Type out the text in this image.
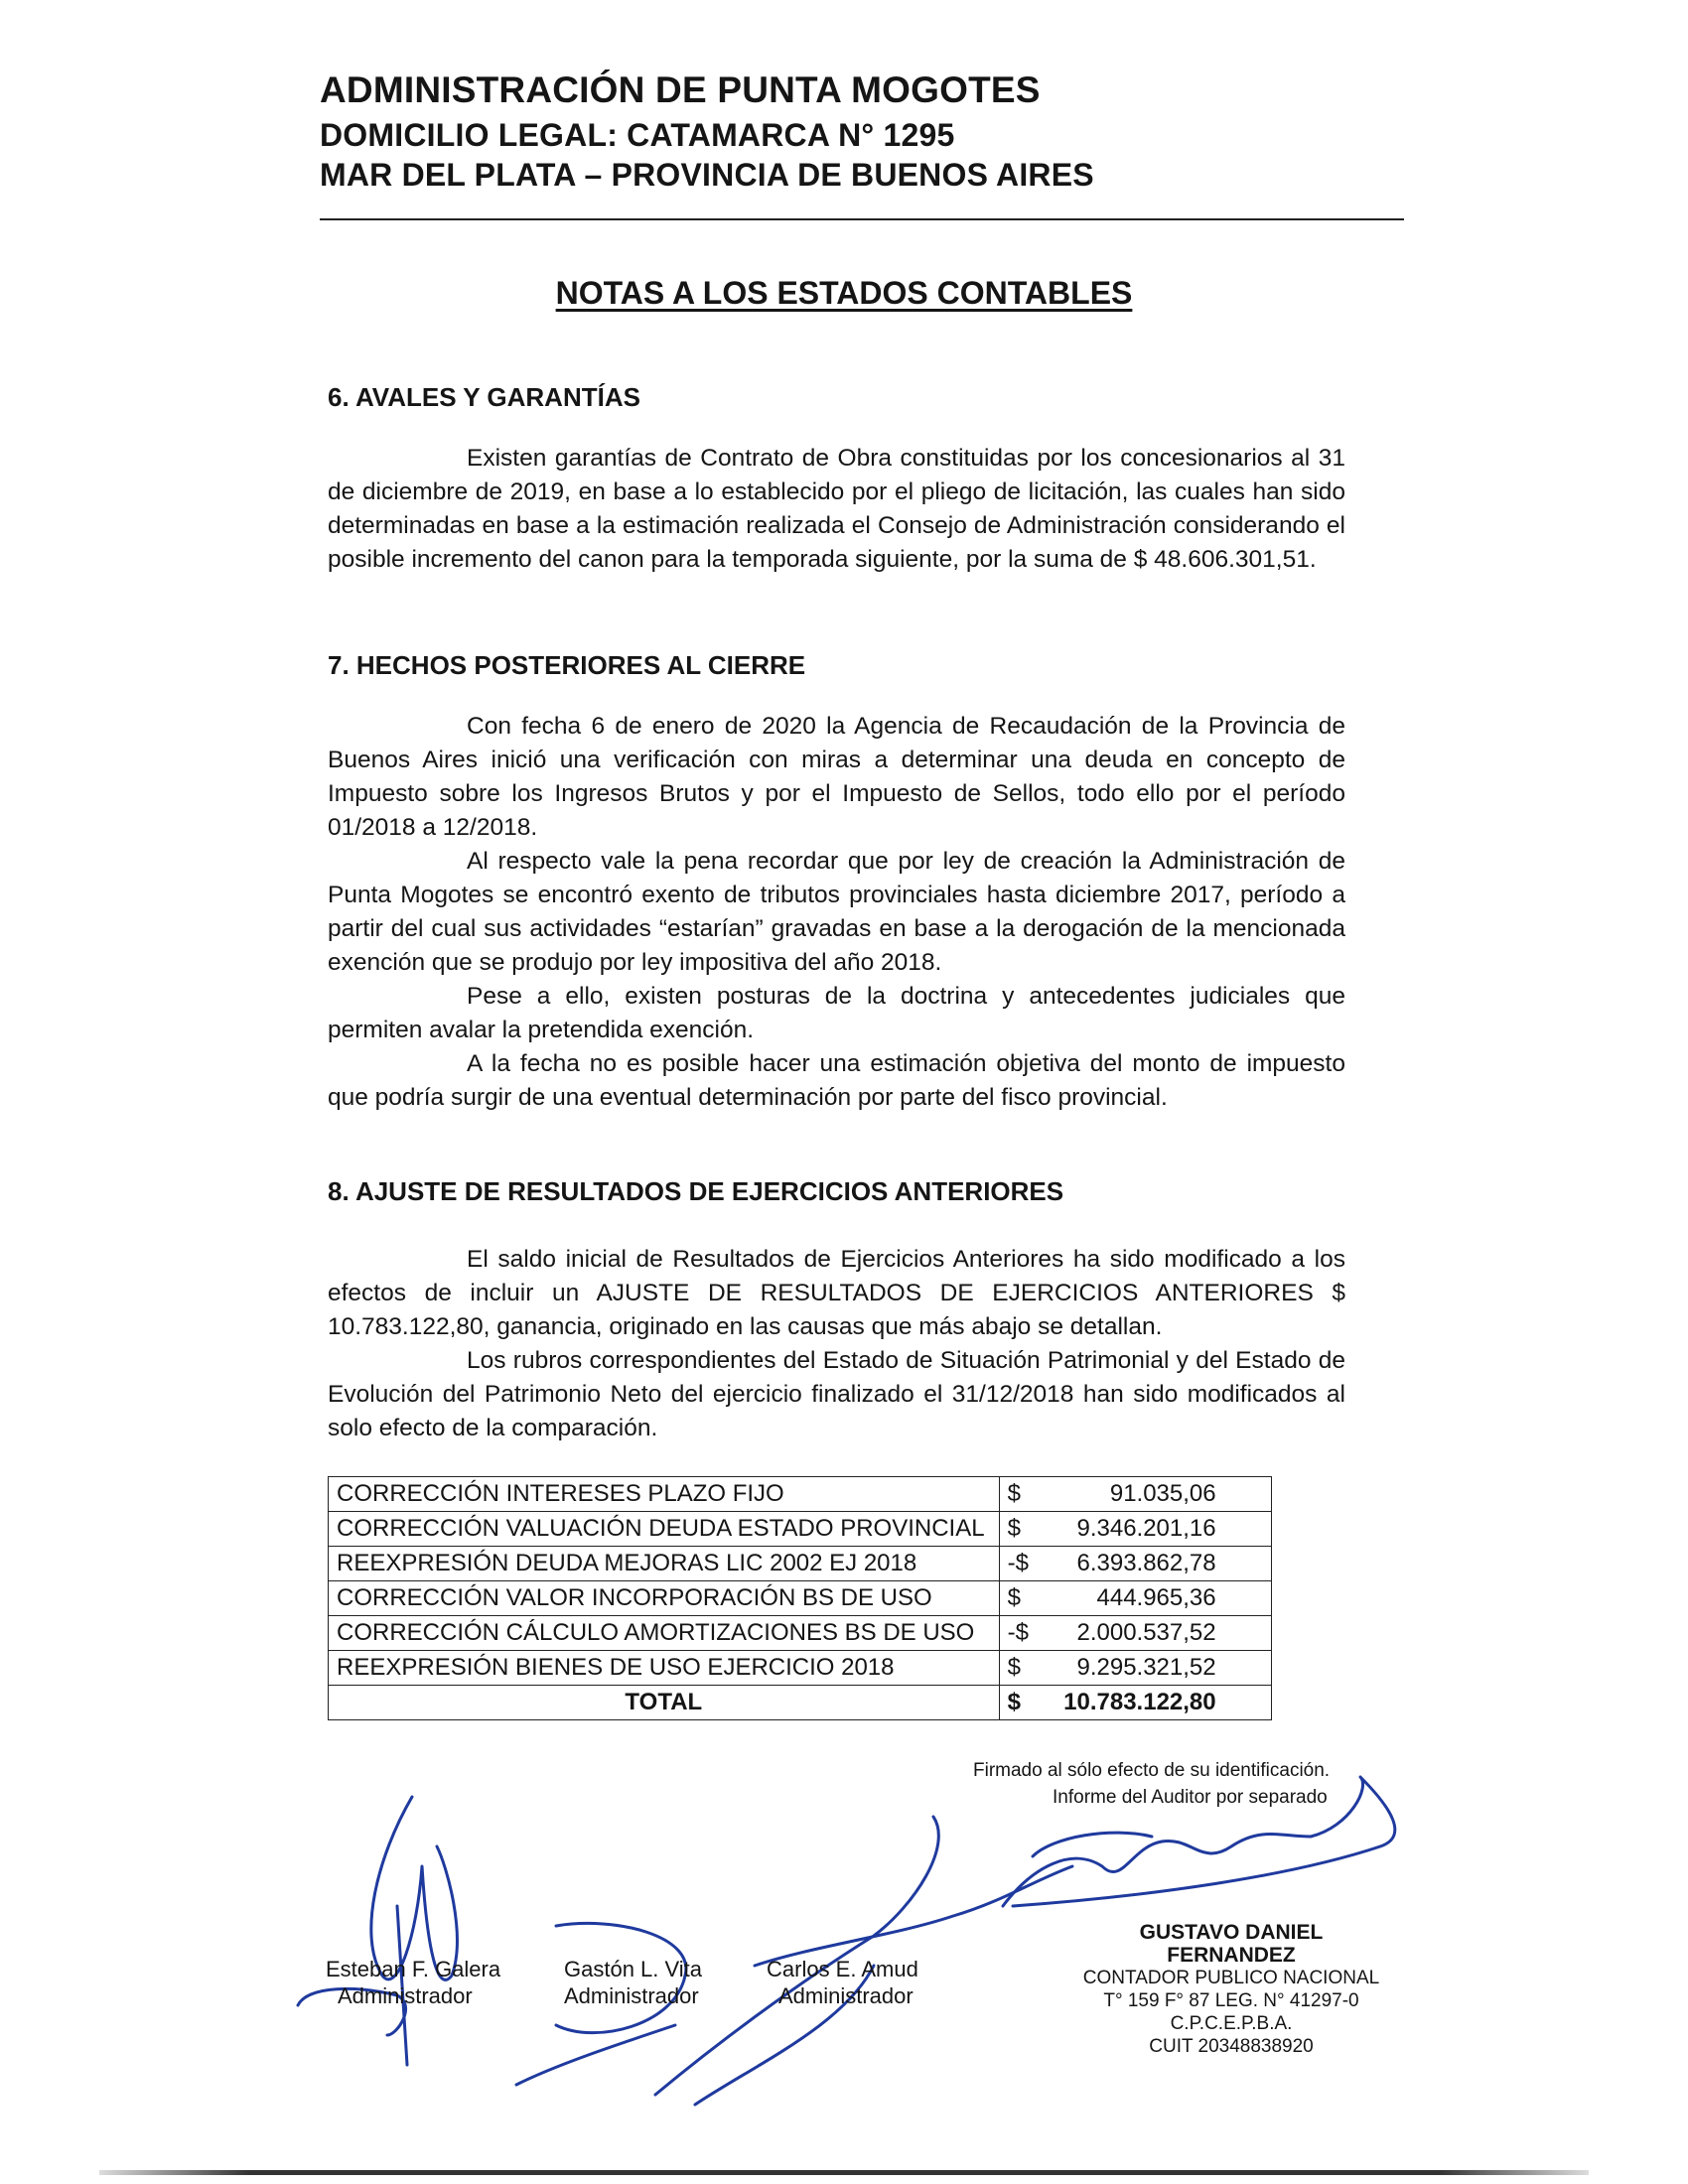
ADMINISTRACIÓN DE PUNTA MOGOTES
DOMICILIO LEGAL: CATAMARCA N° 1295
MAR DEL PLATA – PROVINCIA DE BUENOS AIRES
NOTAS A LOS ESTADOS CONTABLES
6. AVALES Y GARANTÍAS

Existen garantías de Contrato de Obra constituidas por los concesionarios al 31 de diciembre de 2019, en base a lo establecido por el pliego de licitación, las cuales han sido determinadas en base a la estimación realizada el Consejo de Administración considerando el posible incremento del canon para la temporada siguiente, por la suma de $ 48.606.301,51.

7. HECHOS POSTERIORES AL CIERRE

Con fecha 6 de enero de 2020 la Agencia de Recaudación de la Provincia de Buenos Aires inició una verificación con miras a determinar una deuda en concepto de Impuesto sobre los Ingresos Brutos y por el Impuesto de Sellos, todo ello por el período 01/2018 a 12/2018.

Al respecto vale la pena recordar que por ley de creación la Administración de Punta Mogotes se encontró exento de tributos provinciales hasta diciembre 2017, período a partir del cual sus actividades “estarían” gravadas en base a la derogación de la mencionada exención que se produjo por ley impositiva del año 2018.

Pese a ello, existen posturas de la doctrina y antecedentes judiciales que permiten avalar la pretendida exención.

A la fecha no es posible hacer una estimación objetiva del monto de impuesto que podría surgir de una eventual determinación por parte del fisco provincial.

8. AJUSTE DE RESULTADOS DE EJERCICIOS ANTERIORES

El saldo inicial de Resultados de Ejercicios Anteriores ha sido modificado a los efectos de incluir un AJUSTE DE RESULTADOS DE EJERCICIOS ANTERIORES $ 10.783.122,80, ganancia, originado en las causas que más abajo se detallan.

Los rubros correspondientes del Estado de Situación Patrimonial y del Estado de Evolución del Patrimonio Neto del ejercicio finalizado el 31/12/2018 han sido modificados al solo efecto de la comparación.

CORRECCIÓN INTERESES PLAZO FIJO	$ 91.035,06
CORRECCIÓN VALUACIÓN DEUDA ESTADO PROVINCIAL	$ 9.346.201,16
REEXPRESIÓN DEUDA MEJORAS LIC 2002 EJ 2018	-$ 6.393.862,78
CORRECCIÓN VALOR INCORPORACIÓN BS DE USO	$ 444.965,36
CORRECCIÓN CÁLCULO AMORTIZACIONES BS DE USO	-$ 2.000.537,52
REEXPRESIÓN BIENES DE USO EJERCICIO 2018	$ 9.295.321,52
TOTAL	$ 10.783.122,80
Firmado al sólo efecto de su identificación.
Informe del Auditor por separado
Esteban F. Galera
Administrador
Gastón L. Vita
Administrador
Carlos E. Amud
Administrador
GUSTAVO DANIEL FERNANDEZ
CONTADOR PUBLICO NACIONAL
T° 159 F° 87 LEG. N° 41297-0
C.P.C.E.P.B.A.
CUIT 20348838920
